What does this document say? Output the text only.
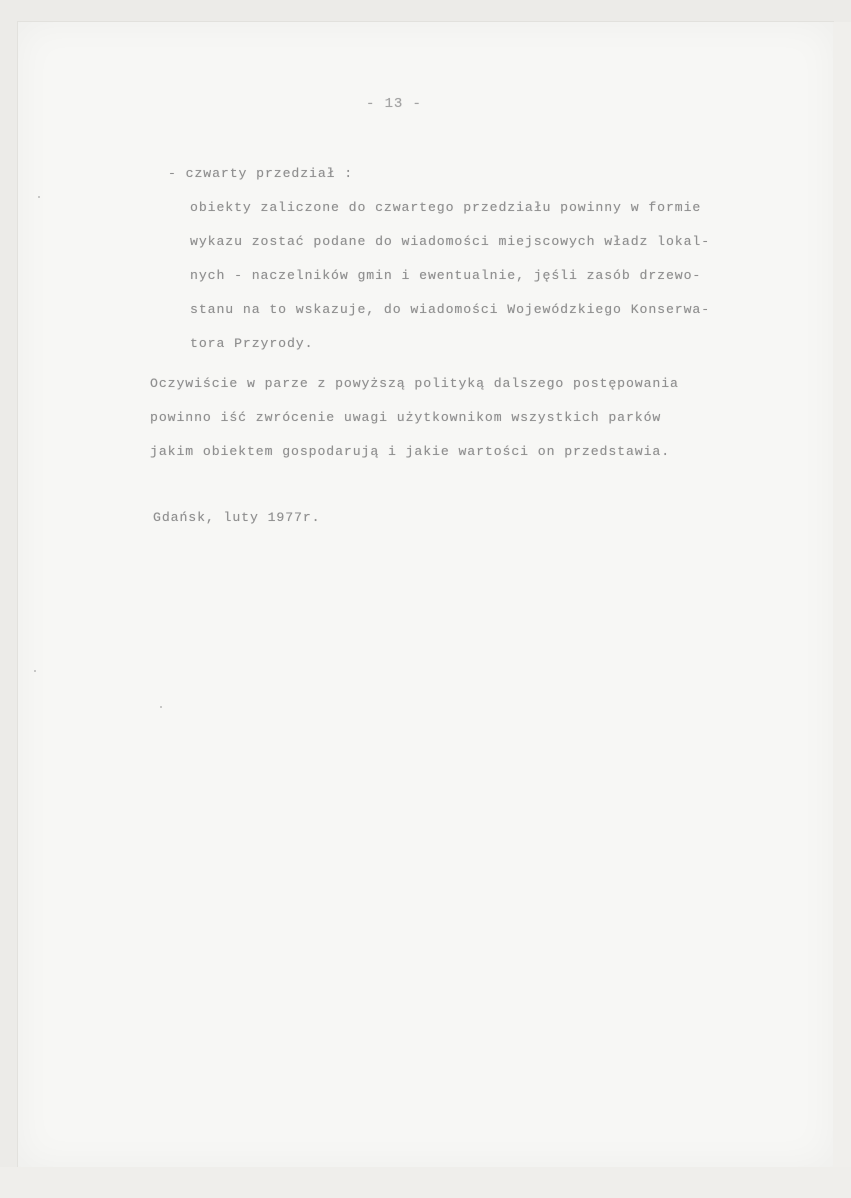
- 13 -
- czwarty przedział :
obiekty zaliczone do czwartego przedziału powinny w formie
wykazu zostać podane do wiadomości miejscowych władz lokal-
nych - naczelników gmin i ewentualnie, jęśli zasób drzewo-
stanu na to wskazuje, do wiadomości Wojewódzkiego Konserwa-
tora Przyrody.
Oczywiście w parze z powyższą polityką dalszego postępowania
powinno iść zwrócenie uwagi użytkownikom wszystkich parków
jakim obiektem gospodarują i jakie wartości on przedstawia.
Gdańsk, luty 1977r.
